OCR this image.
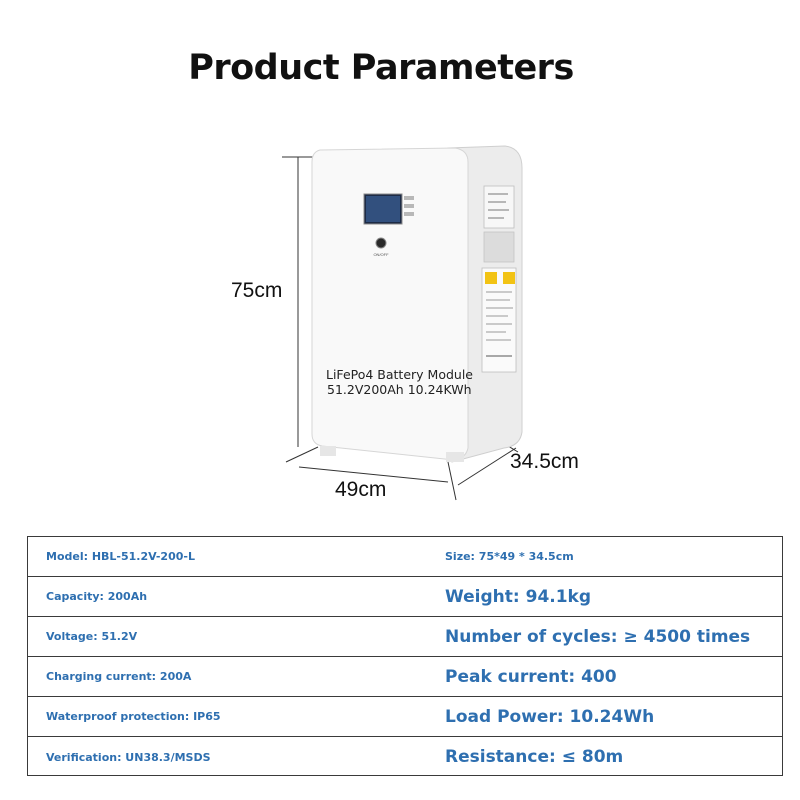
Product Parameters
ON/OFF
LiFePo4 Battery Module
51.2V200Ah 10.24KWh
75cm
49cm
34.5cm
Model: HBL-51.2V-200-L	Size: 75*49 * 34.5cm
Capacity: 200Ah	Weight: 94.1kg
Voltage: 51.2V	Number of cycles: ≥ 4500 times
Charging current: 200A	Peak current: 400
Waterproof protection: IP65	Load Power: 10.24Wh
Verification: UN38.3/MSDS	Resistance: ≤ 80m
